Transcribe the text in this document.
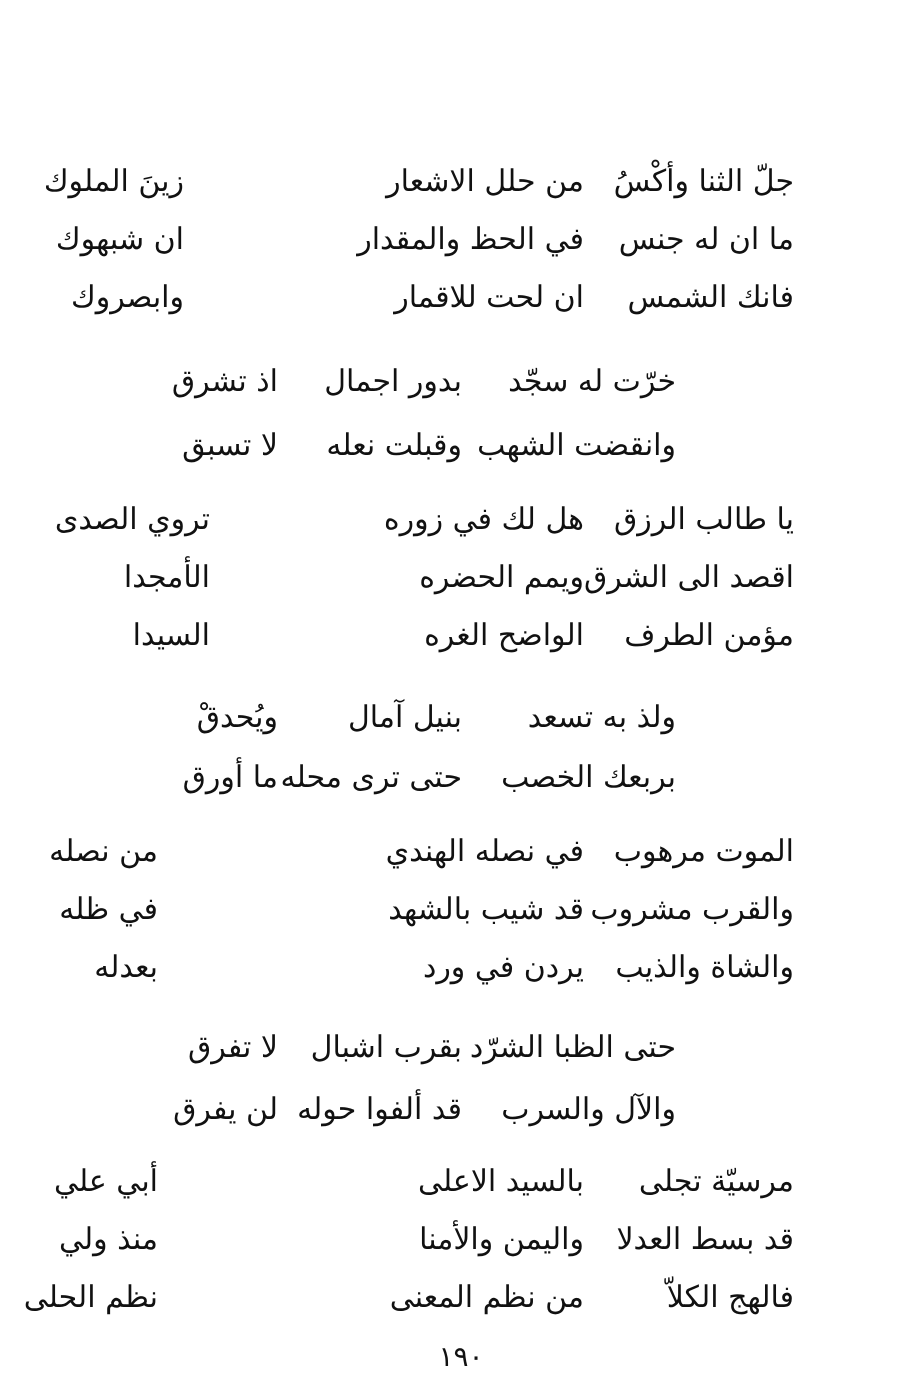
جلّ الثنا وأكْسُ
من حلل الاشعار
زينَ الملوك
ما ان له جنس
في الحظ والمقدار
ان شبهوك
فانك الشمس
ان لحت للاقمار
وابصروك
خرّت له سجّد
بدور اجمال
اذ تشرق
وانقضت الشهب
وقبلت نعله
لا تسبق
يا طالب الرزق
هل لك في زوره
تروي الصدى
اقصد الى الشرق
ويمم الحضره
الأمجدا
مؤمن الطرف
الواضح الغره
السيدا
ولذ به تسعد
بنيل آمال
ويُحدقْ
بربعك الخصب
حتى ترى محله
ما أورق
الموت مرهوب
في نصله الهندي
من نصله
والقرب مشروب
قد شيب بالشهد
في ظله
والشاة والذيب
يردن في ورد
بعدله
حتى الظبا الشرّد
بقرب اشبال
لا تفرق
والآل والسرب
قد ألفوا حوله
لن يفرق
مرسيّة تجلى
بالسيد الاعلى
أبي علي
قد بسط العدلا
واليمن والأمنا
منذ ولي
فالهج الكلاّ
من نظم المعنى
نظم الحلى
١٩٠
